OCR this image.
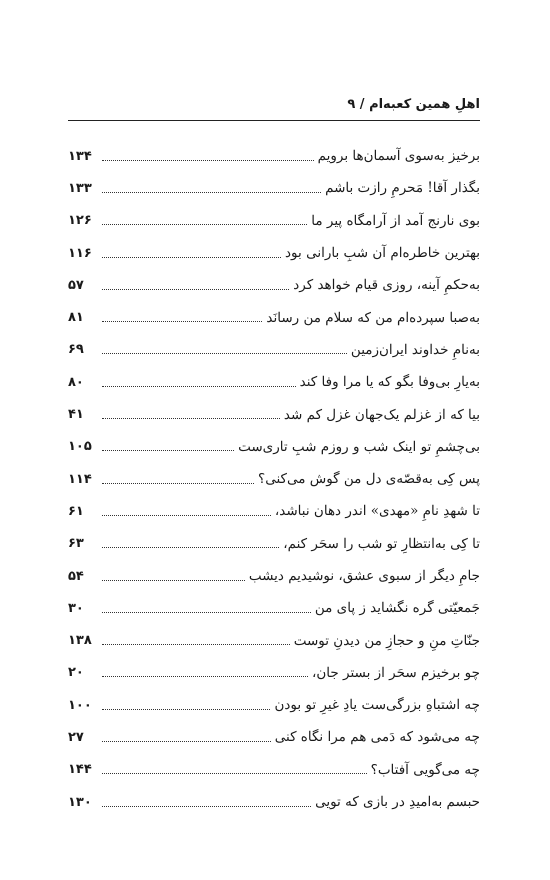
اهلِ همین کعبه‌ام / ۹
برخیز به‌سوی آسمان‌ها برویم
۱۳۴
بگذار آقا! مَحرمِ رازت باشم
۱۳۳
بوی نارنج آمد از آرامگاه پیر ما
۱۲۶
بهترین خاطره‌ام آن شبِ بارانی بود
۱۱۶
به‌حکمِ آینه، روزی قیام خواهد کرد
۵۷
به‌صبا سپرده‌ام من که سلام من رسانَد
۸۱
به‌نامِ خداوند ایران‌زمین
۶۹
به‌یارِ بی‌وفا بگو که یا مرا وفا کند
۸۰
بیا که از غزلم یک‌جهان غزل کم شد
۴۱
بی‌چشمِ تو اینک شب و روزم شبِ تاری‌ست
۱۰۵
پس کِی به‌قصّه‌ی دل من گوش می‌کنی؟
۱۱۴
تا شهدِ نامِ «مهدی» اندر دهان نباشد،
۶۱
تا کِی به‌انتظارِ تو شب را سحَر کنم،
۶۳
جامِ دیگر از سبوی عشق، نوشیدیم دیشب
۵۴
جَمعیّتی گره نگشاید ز پای من
۳۰
جنّاتِ منِ و حجازِ من دیدنِ توست
۱۳۸
چو برخیزم سحَر از بستر جان،
۲۰
چه اشتباهِ بزرگی‌ست یادِ غیرِ تو بودن
۱۰۰
چه می‌شود که دَمی هم مرا نگاه کنی
۲۷
چه می‌گویی آفتاب؟
۱۴۴
حبسم به‌امیدِ در بازی که تویی
۱۳۰
